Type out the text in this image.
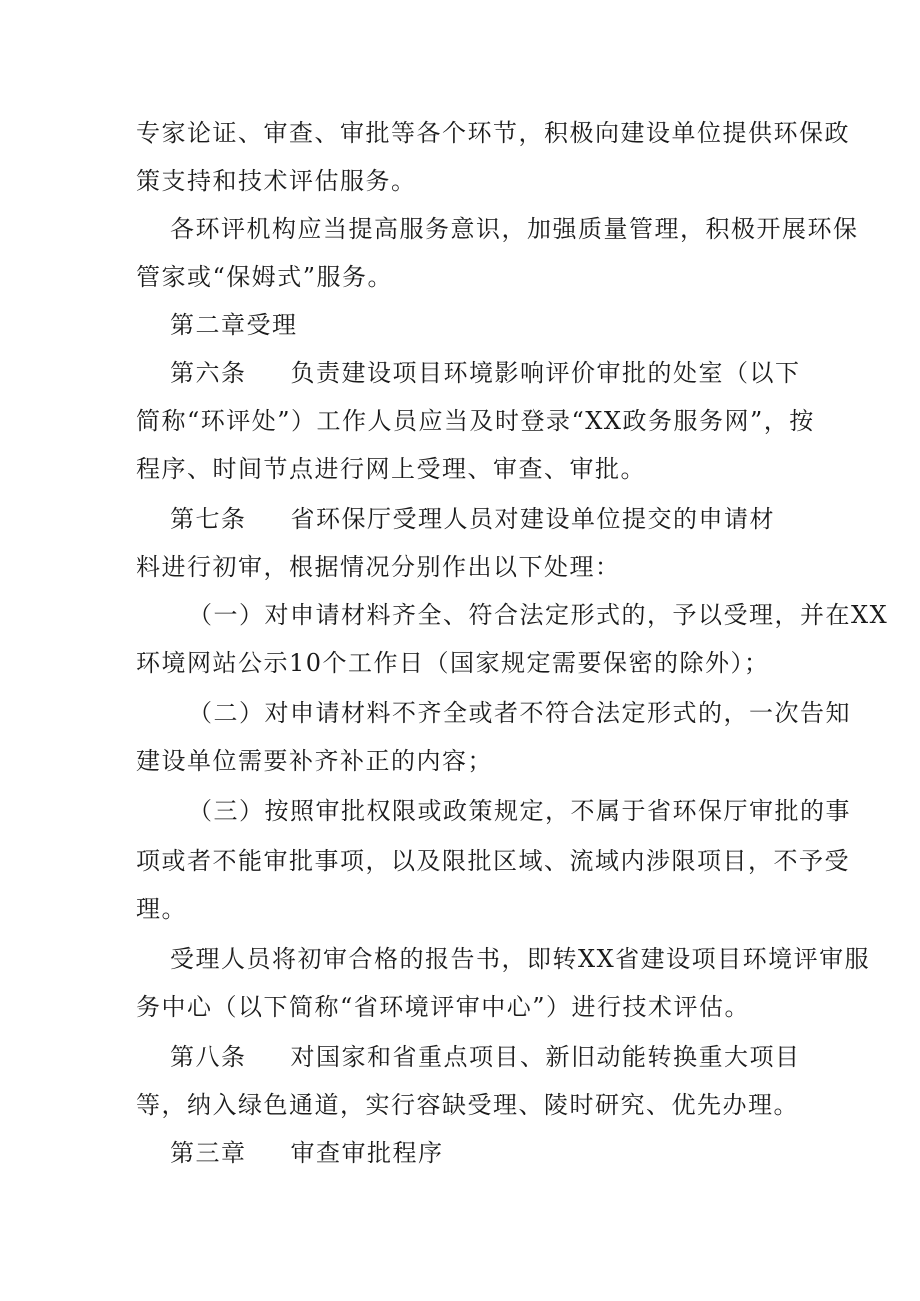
专家论证、审查、审批等各个环节，积极向建设单位提供环保政
策支持和技术评估服务。
各环评机构应当提高服务意识，加强质量管理，积极开展环保
管家或“保姆式”服务。
第二章受理
第六条 负责建设项目环境影响评价审批的处室（以下
简称“环评处”）工作人员应当及时登录“XX政务服务网”，按
程序、时间节点进行网上受理、审查、审批。
第七条 省环保厅受理人员对建设单位提交的申请材
料进行初审，根据情况分别作出以下处理：
（一）对申请材料齐全、符合法定形式的，予以受理，并在XX
环境网站公示10个工作日（国家规定需要保密的除外）；
（二）对申请材料不齐全或者不符合法定形式的，一次告知
建设单位需要补齐补正的内容；
（三）按照审批权限或政策规定，不属于省环保厅审批的事
项或者不能审批事项，以及限批区域、流域内涉限项目，不予受
理。
受理人员将初审合格的报告书，即转XX省建设项目环境评审服
务中心（以下简称“省环境评审中心”）进行技术评估。
第八条 对国家和省重点项目、新旧动能转换重大项目
等，纳入绿色通道，实行容缺受理、陵时研究、优先办理。
第三章 审查审批程序
